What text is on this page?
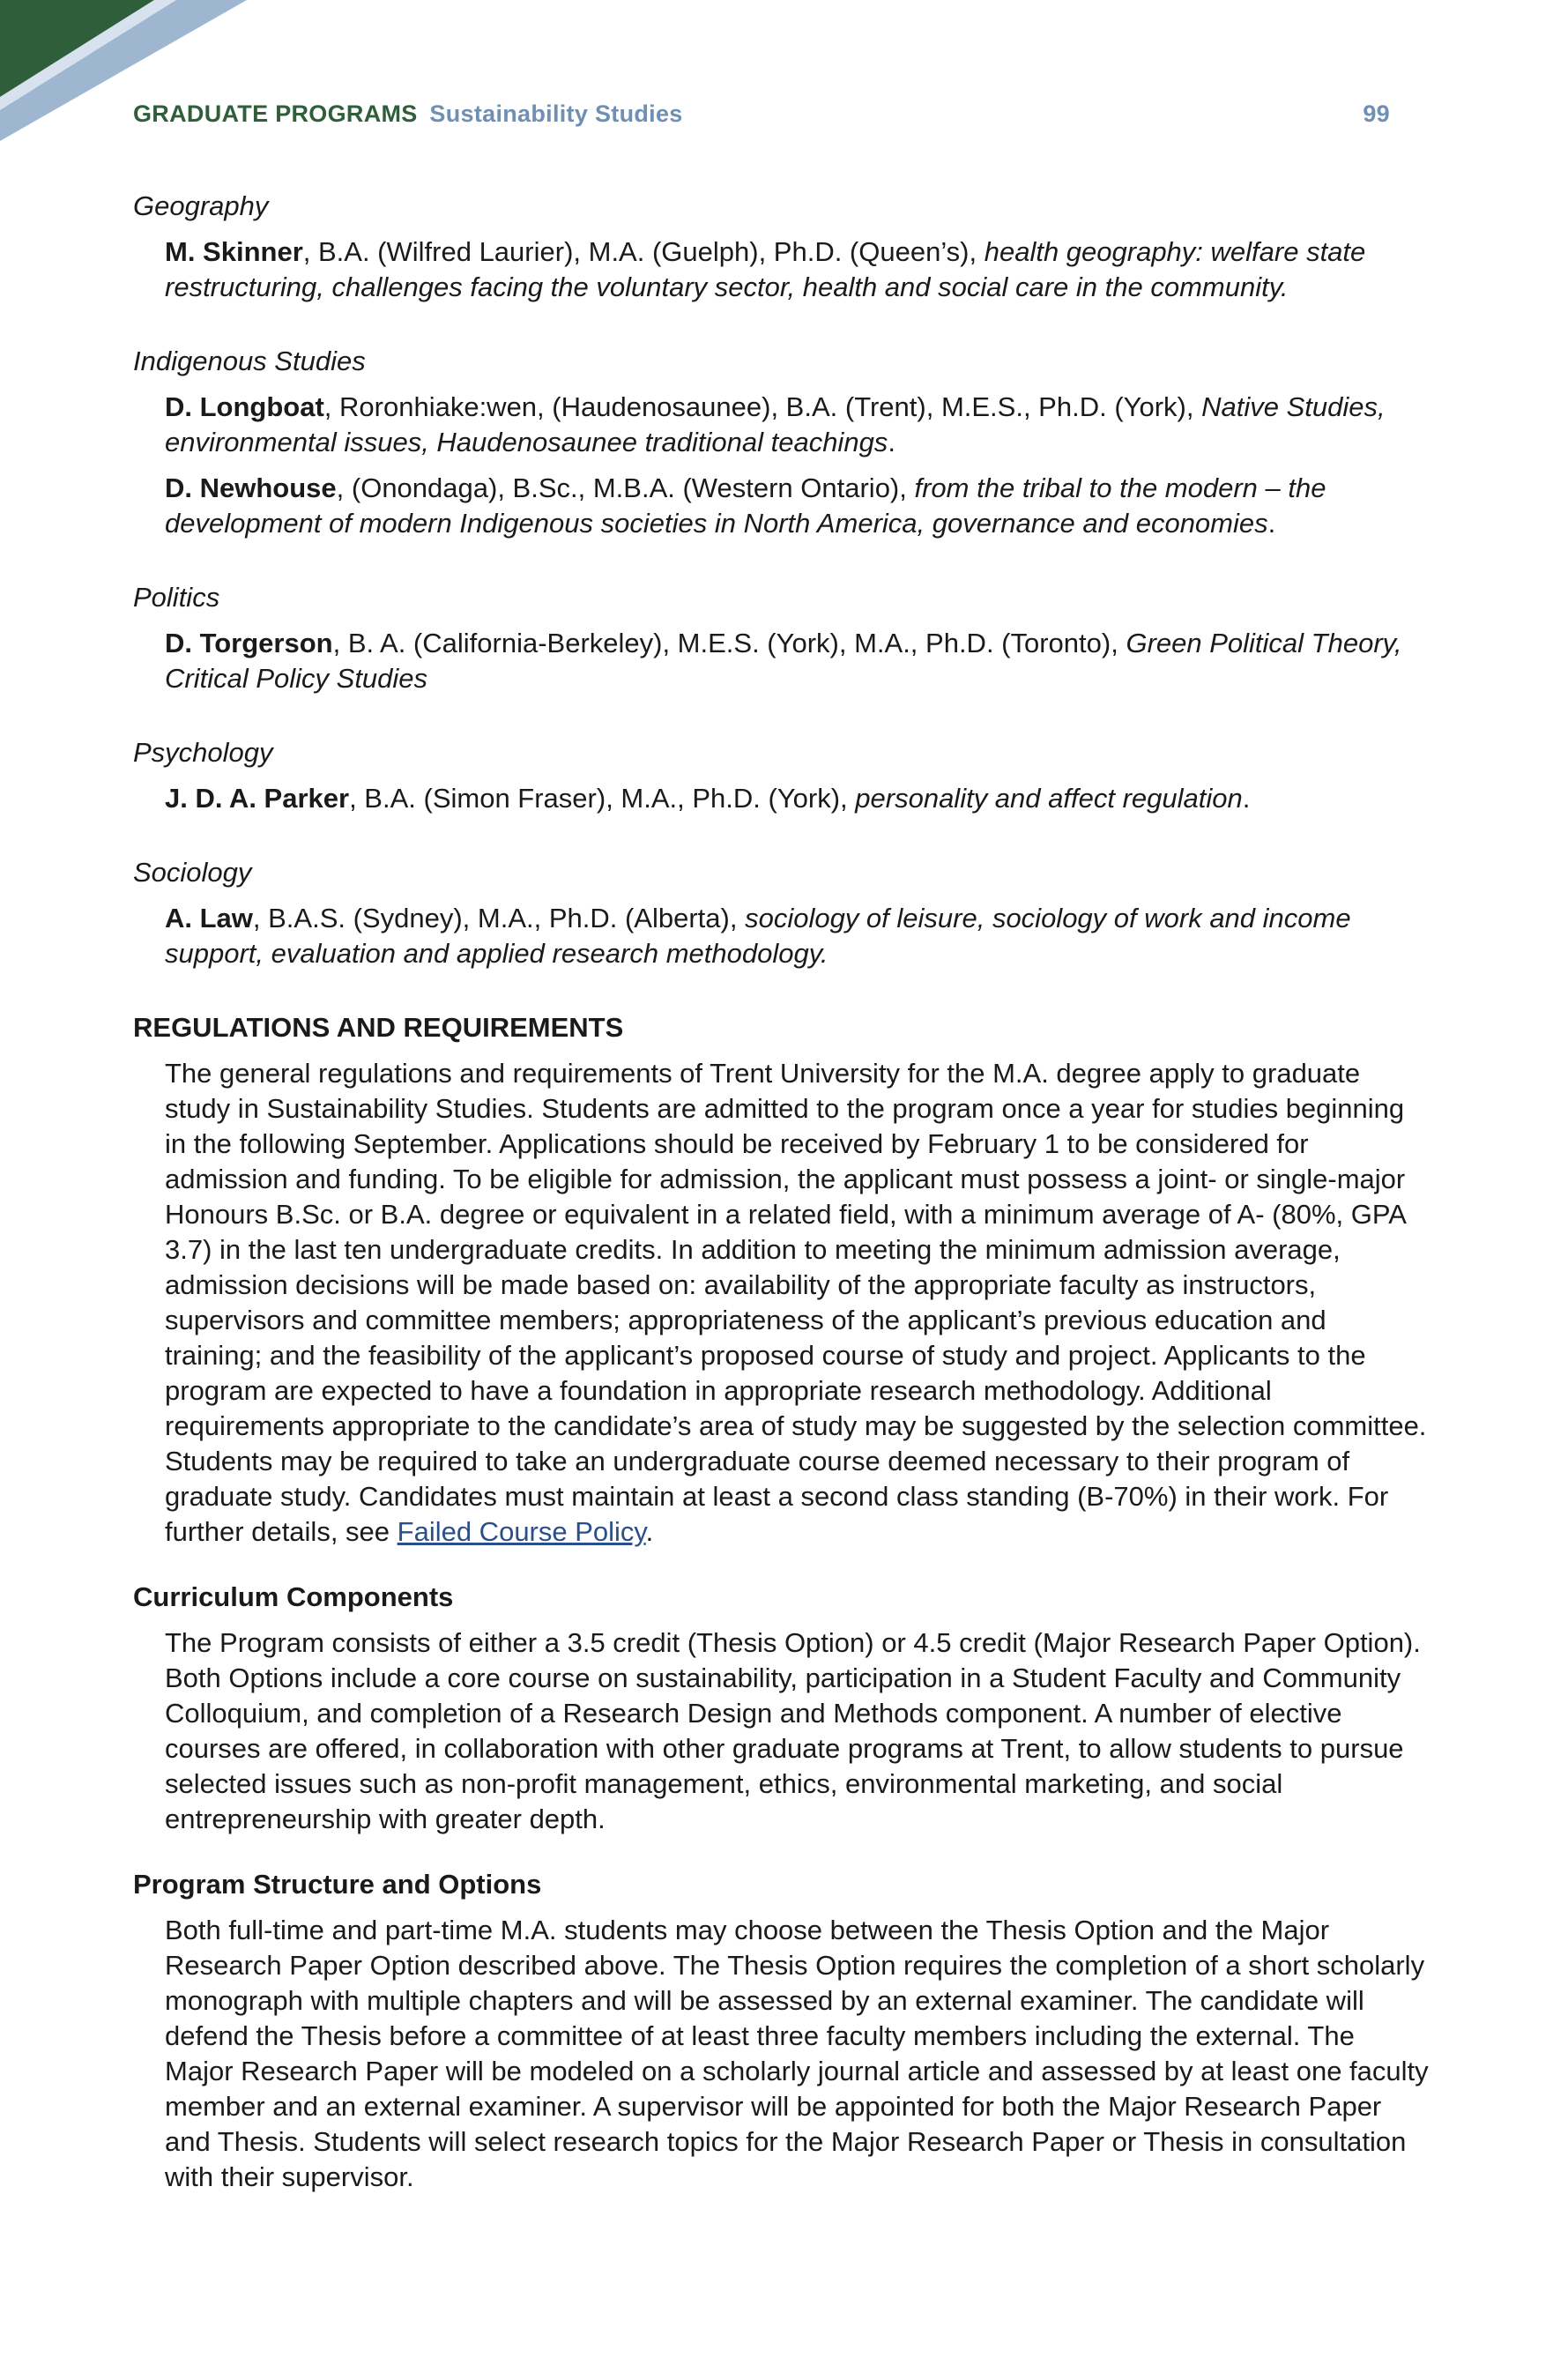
GRADUATE PROGRAMS Sustainability Studies	99
Geography
M. Skinner, B.A. (Wilfred Laurier), M.A. (Guelph), Ph.D. (Queen’s), health geography: welfare state restructuring, challenges facing the voluntary sector, health and social care in the community.
Indigenous Studies
D. Longboat, Roronhiake:wen, (Haudenosaunee), B.A. (Trent), M.E.S., Ph.D. (York), Native Studies, environmental issues, Haudenosaunee traditional teachings.
D. Newhouse, (Onondaga), B.Sc., M.B.A. (Western Ontario), from the tribal to the modern – the development of modern Indigenous societies in North America, governance and economies.
Politics
D. Torgerson, B. A. (California-Berkeley), M.E.S. (York), M.A., Ph.D. (Toronto), Green Political Theory, Critical Policy Studies
Psychology
J. D. A. Parker, B.A. (Simon Fraser), M.A., Ph.D. (York), personality and affect regulation.
Sociology
A. Law, B.A.S. (Sydney), M.A., Ph.D. (Alberta), sociology of leisure, sociology of work and income support, evaluation and applied research methodology.
REGULATIONS AND REQUIREMENTS

The general regulations and requirements of Trent University for the M.A. degree apply to graduate study in Sustainability Studies. Students are admitted to the program once a year for studies beginning in the following September. Applications should be received by February 1 to be considered for admission and funding. To be eligible for admission, the applicant must possess a joint- or single-major Honours B.Sc. or B.A. degree or equivalent in a related field, with a minimum average of A- (80%, GPA 3.7) in the last ten undergraduate credits. In addition to meeting the minimum admission average, admission decisions will be made based on: availability of the appropriate faculty as instructors, supervisors and committee members; appropriateness of the applicant’s previous education and training; and the feasibility of the applicant’s proposed course of study and project. Applicants to the program are expected to have a foundation in appropriate research methodology. Additional requirements appropriate to the candidate’s area of study may be suggested by the selection committee. Students may be required to take an undergraduate course deemed necessary to their program of graduate study. Candidates must maintain at least a second class standing (B-70%) in their work. For further details, see Failed Course Policy.

Curriculum Components

The Program consists of either a 3.5 credit (Thesis Option) or 4.5 credit (Major Research Paper Option). Both Options include a core course on sustainability, participation in a Student Faculty and Community Colloquium, and completion of a Research Design and Methods component. A number of elective courses are offered, in collaboration with other graduate programs at Trent, to allow students to pursue selected issues such as non-profit management, ethics, environmental marketing, and social entrepreneurship with greater depth.

Program Structure and Options

Both full-time and part-time M.A. students may choose between the Thesis Option and the Major Research Paper Option described above. The Thesis Option requires the completion of a short scholarly monograph with multiple chapters and will be assessed by an external examiner. The candidate will defend the Thesis before a committee of at least three faculty members including the external. The Major Research Paper will be modeled on a scholarly journal article and assessed by at least one faculty member and an external examiner. A supervisor will be appointed for both the Major Research Paper and Thesis. Students will select research topics for the Major Research Paper or Thesis in consultation with their supervisor.
